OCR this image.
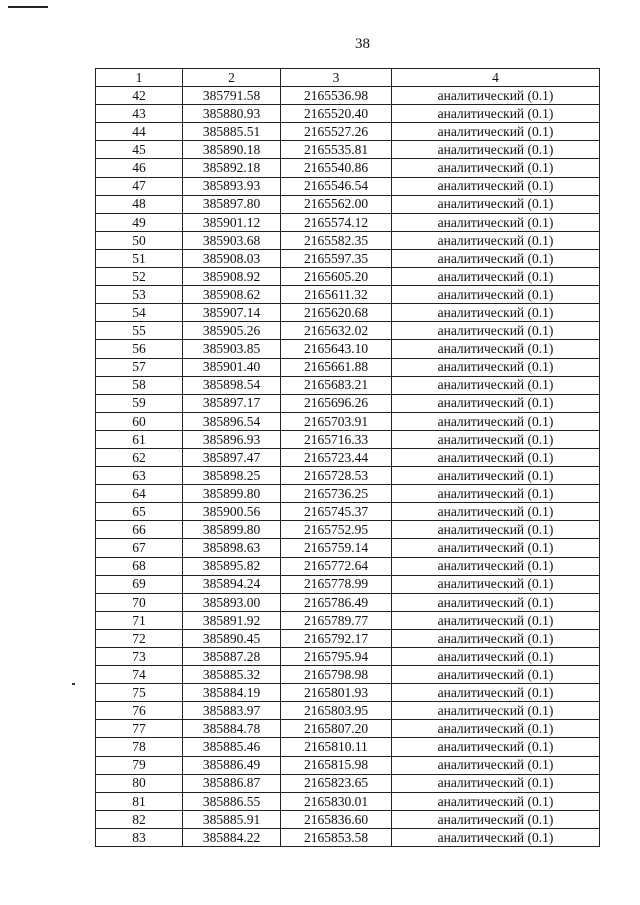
38
1	2	3	4
42	385791.58	2165536.98	аналитический (0.1)
43	385880.93	2165520.40	аналитический (0.1)
44	385885.51	2165527.26	аналитический (0.1)
45	385890.18	2165535.81	аналитический (0.1)
46	385892.18	2165540.86	аналитический (0.1)
47	385893.93	2165546.54	аналитический (0.1)
48	385897.80	2165562.00	аналитический (0.1)
49	385901.12	2165574.12	аналитический (0.1)
50	385903.68	2165582.35	аналитический (0.1)
51	385908.03	2165597.35	аналитический (0.1)
52	385908.92	2165605.20	аналитический (0.1)
53	385908.62	2165611.32	аналитический (0.1)
54	385907.14	2165620.68	аналитический (0.1)
55	385905.26	2165632.02	аналитический (0.1)
56	385903.85	2165643.10	аналитический (0.1)
57	385901.40	2165661.88	аналитический (0.1)
58	385898.54	2165683.21	аналитический (0.1)
59	385897.17	2165696.26	аналитический (0.1)
60	385896.54	2165703.91	аналитический (0.1)
61	385896.93	2165716.33	аналитический (0.1)
62	385897.47	2165723.44	аналитический (0.1)
63	385898.25	2165728.53	аналитический (0.1)
64	385899.80	2165736.25	аналитический (0.1)
65	385900.56	2165745.37	аналитический (0.1)
66	385899.80	2165752.95	аналитический (0.1)
67	385898.63	2165759.14	аналитический (0.1)
68	385895.82	2165772.64	аналитический (0.1)
69	385894.24	2165778.99	аналитический (0.1)
70	385893.00	2165786.49	аналитический (0.1)
71	385891.92	2165789.77	аналитический (0.1)
72	385890.45	2165792.17	аналитический (0.1)
73	385887.28	2165795.94	аналитический (0.1)
74	385885.32	2165798.98	аналитический (0.1)
75	385884.19	2165801.93	аналитический (0.1)
76	385883.97	2165803.95	аналитический (0.1)
77	385884.78	2165807.20	аналитический (0.1)
78	385885.46	2165810.11	аналитический (0.1)
79	385886.49	2165815.98	аналитический (0.1)
80	385886.87	2165823.65	аналитический (0.1)
81	385886.55	2165830.01	аналитический (0.1)
82	385885.91	2165836.60	аналитический (0.1)
83	385884.22	2165853.58	аналитический (0.1)
